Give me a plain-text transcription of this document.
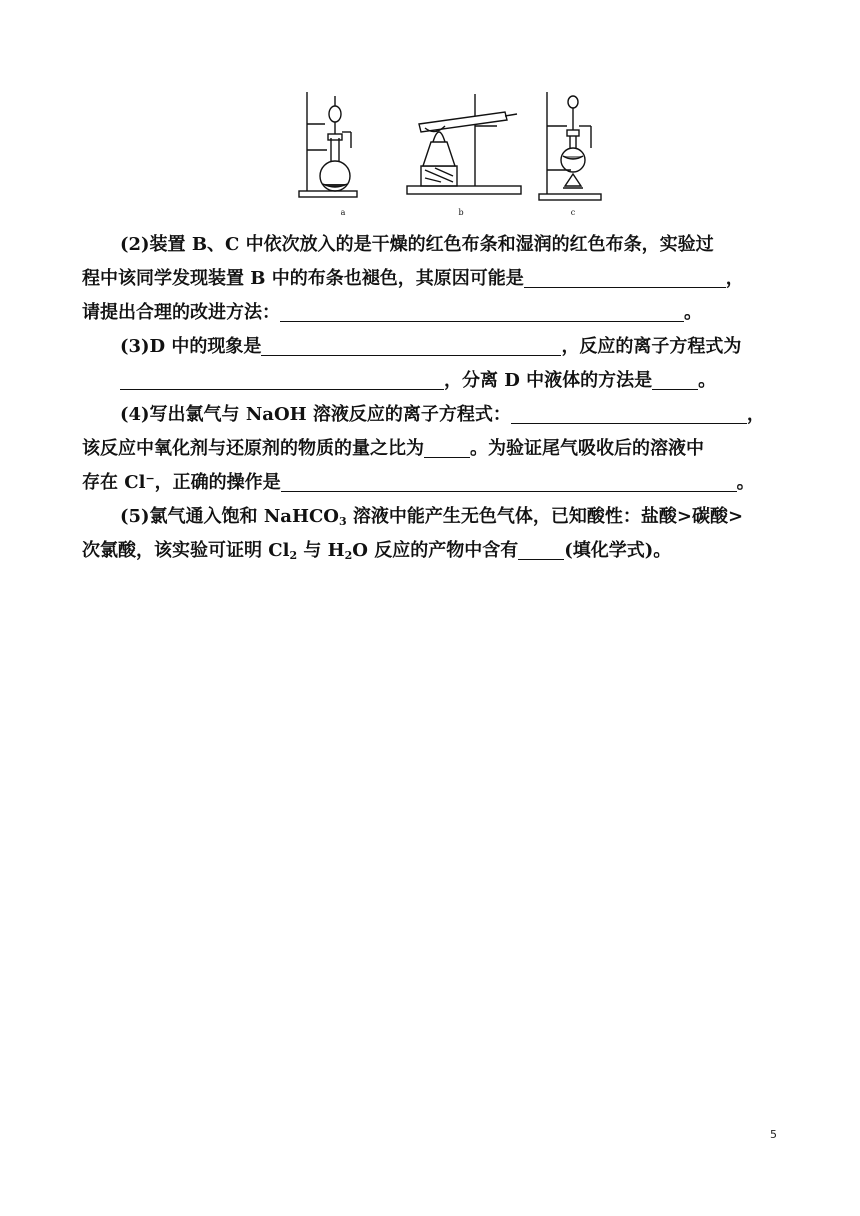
a	b	c
(2)装置 B、C 中依次放入的是干燥的红色布条和湿润的红色布条，实验过
程中该同学发现装置 B 中的布条也褪色，其原因可能是	，
请提出合理的改进方法：	。
(3)D 中的现象是	，反应的离子方程式为
，分离 D 中液体的方法是	。
(4)写出氯气与 NaOH 溶液反应的离子方程式：	，
该反应中氧化剂与还原剂的物质的量之比为	。为验证尾气吸收后的溶液中
存在 Cl−，正确的操作是	。
(5)氯气通入饱和 NaHCO$_3$ 溶液中能产生无色气体，已知酸性：盐酸>碳酸>
次氯酸，该实验可证明 $Cl_2$ 与 $H_2O$ 反应的产物中含有	(填化学式)。
5
